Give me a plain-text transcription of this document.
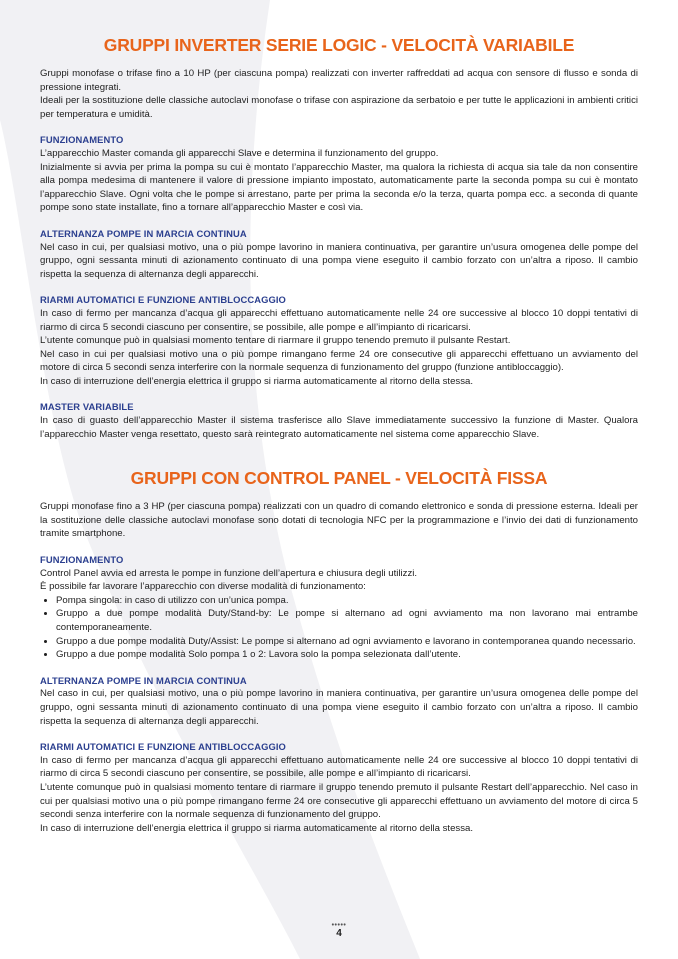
GRUPPI INVERTER SERIE LOGIC - VELOCITÀ VARIABILE

Gruppi monofase o trifase fino a 10 HP (per ciascuna pompa) realizzati con inverter raffreddati ad acqua con sensore di flusso e sonda di pressione integrati.

Ideali per la sostituzione delle classiche autoclavi monofase o trifase con aspirazione da serbatoio e per tutte le applicazioni in ambienti critici per temperatura e umidità.

FUNZIONAMENTO

L’apparecchio Master comanda gli apparecchi Slave e determina il funzionamento del gruppo.

Inizialmente si avvia per prima la pompa su cui è montato l’apparecchio Master, ma qualora la richiesta di acqua sia tale da non consentire alla pompa medesima di mantenere il valore di pressione impianto impostato, automaticamente parte la seconda pompa su cui è montato l’apparecchio Slave. Ogni volta che le pompe si arrestano, parte per prima la seconda e/o la terza, quarta pompa ecc. a seconda di quante pompe sono state installate, fino a tornare all’apparecchio Master e così via.

ALTERNANZA POMPE IN MARCIA CONTINUA

Nel caso in cui, per qualsiasi motivo, una o più pompe lavorino in maniera continuativa, per garantire un’usura omogenea delle pompe del gruppo, ogni sessanta minuti di azionamento continuato di una pompa viene eseguito il cambio forzato con un’altra a riposo. Il cambio rispetta la sequenza di alternanza degli apparecchi.

RIARMI AUTOMATICI E FUNZIONE ANTIBLOCCAGGIO

In caso di fermo per mancanza d’acqua gli apparecchi effettuano automaticamente nelle 24 ore successive al blocco 10 doppi tentativi di riarmo di circa 5 secondi ciascuno per consentire, se possibile, alle pompe e all’impianto di ricaricarsi.

L’utente comunque può in qualsiasi momento tentare di riarmare il gruppo tenendo premuto il pulsante Restart.

Nel caso in cui per qualsiasi motivo una o più pompe rimangano ferme 24 ore consecutive gli apparecchi effettuano un avviamento del motore di circa 5 secondi senza interferire con la normale sequenza di funzionamento del gruppo (funzione antibloccaggio).

In caso di interruzione dell’energia elettrica il gruppo si riarma automaticamente al ritorno della stessa.

MASTER VARIABILE

In caso di guasto dell’apparecchio Master il sistema trasferisce allo Slave immediatamente successivo la funzione di Master. Qualora l’apparecchio Master venga resettato, questo sarà reintegrato automaticamente nel sistema come apparecchio Slave.

GRUPPI CON CONTROL PANEL - VELOCITÀ FISSA

Gruppi monofase fino a 3 HP (per ciascuna pompa) realizzati con un quadro di comando elettronico e sonda di pressione esterna. Ideali per la sostituzione delle classiche autoclavi monofase sono dotati di tecnologia NFC per la programmazione e l’invio dei dati di funzionamento tramite smartphone.

FUNZIONAMENTO

Control Panel avvia ed arresta le pompe in funzione dell’apertura e chiusura degli utilizzi.

È possibile far lavorare l’apparecchio con diverse modalità di funzionamento:

• Pompa singola: in caso di utilizzo con un’unica pompa.
• Gruppo a due pompe modalità Duty/Stand-by: Le pompe si alternano ad ogni avviamento ma non lavorano mai entrambe contemporaneamente.
• Gruppo a due pompe modalità Duty/Assist: Le pompe si alternano ad ogni avviamento e lavorano in contemporanea quando necessario.
• Gruppo a due pompe modalità Solo pompa 1 o 2: Lavora solo la pompa selezionata dall’utente.
ALTERNANZA POMPE IN MARCIA CONTINUA

Nel caso in cui, per qualsiasi motivo, una o più pompe lavorino in maniera continuativa, per garantire un’usura omogenea delle pompe del gruppo, ogni sessanta minuti di azionamento continuato di una pompa viene eseguito il cambio forzato con un’altra a riposo. Il cambio rispetta la sequenza di alternanza degli apparecchi.

RIARMI AUTOMATICI E FUNZIONE ANTIBLOCCAGGIO

In caso di fermo per mancanza d’acqua gli apparecchi effettuano automaticamente nelle 24 ore successive al blocco 10 doppi tentativi di riarmo di circa 5 secondi ciascuno per consentire, se possibile, alle pompe e all’impianto di ricaricarsi.

L’utente comunque può in qualsiasi momento tentare di riarmare il gruppo tenendo premuto il pulsante Restart dell’apparecchio. Nel caso in cui per qualsiasi motivo una o più pompe rimangano ferme 24 ore consecutive gli apparecchi effettuano un avviamento del motore di circa 5 secondi senza interferire con la normale sequenza di funzionamento del gruppo.

In caso di interruzione dell’energia elettrica il gruppo si riarma automaticamente al ritorno della stessa.

•••••
4
